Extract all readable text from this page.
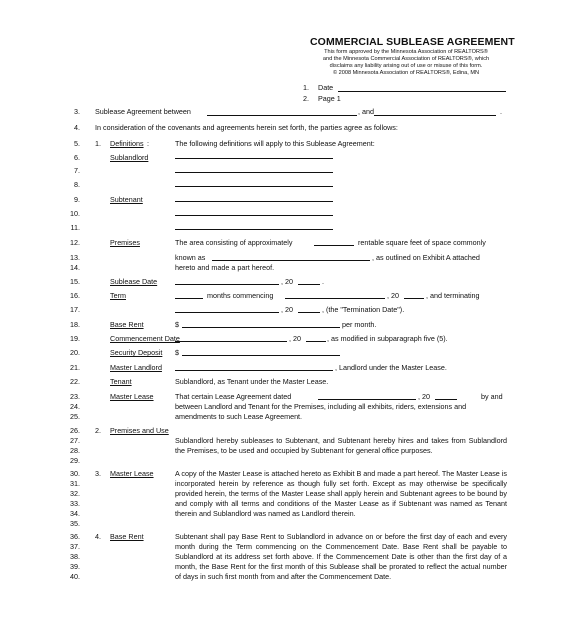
COMMERCIAL SUBLEASE AGREEMENT
This form approved by the Minnesota Association of REALTORS®
and the Minnesota Commercial Association of REALTORS®, which
disclaims any liability arising out of use or misuse of this form.
© 2008 Minnesota Association of REALTORS®, Edina, MN
1. Date
2. Page 1
3.
4.
5.
6.
7.
8.
9.
10.
11.
12.
13.
14.
15.
16.
17.
18.
19.
20.
21.
22.
23.
24.
25.
26.
27.
28.
29.
30.
31.
32.
33.
34.
35.
36.
37.
38.
39.
40.
Sublease Agreement between	, and	.
In consideration of the covenants and agreements herein set forth, the parties agree as follows:
1. Definitions :	The following definitions will apply to this Sublease Agreement:
Sublandlord
Subtenant
Premises	The area consisting of approximately	rentable square feet of space commonly
known as	, as outlined on Exhibit A attached
hereto and made a part hereof.
Sublease Date	, 20	.
Term	months commencing	, 20	, and terminating
, 20	, (the "Termination Date").
Base Rent	$	per month.
Commencement Date	, 20	, as modified in subparagraph five (5).
Security Deposit $
Master Landlord	, Landlord under the Master Lease.
Tenant	Sublandlord, as Tenant under the Master Lease.
Master Lease	That certain Lease Agreement dated	, 20	by and
between Landlord and Tenant for the Premises, including all exhibits, riders, extensions and
amendments to such Lease Agreement.
2. Premises and Use
Sublandlord hereby subleases to Subtenant, and Subtenant hereby hires and takes from Sublandlord the Premises, to be used and occupied by Subtenant for general office purposes.
3. Master Lease	A copy of the Master Lease is attached hereto as Exhibit B and made a part hereof. The Master Lease is incorporated herein by reference as though fully set forth. Except as may otherwise be specifically provided herein, the terms of the Master Lease shall apply herein and Subtenant agrees to be bound by and comply with all terms and conditions of the Master Lease as if Subtenant was named as Tenant therein and Sublandlord was named as Landlord therein.
4. Base Rent	Subtenant shall pay Base Rent to Sublandlord in advance on or before the first day of each and every month during the Term commencing on the Commencement Date. Base Rent shall be payable to Sublandlord at its address set forth above. If the Commencement Date is other than the first day of a month, the Base Rent for the first month of this Sublease shall be prorated to reflect the actual number of days in such first month from and after the Commencement Date.
